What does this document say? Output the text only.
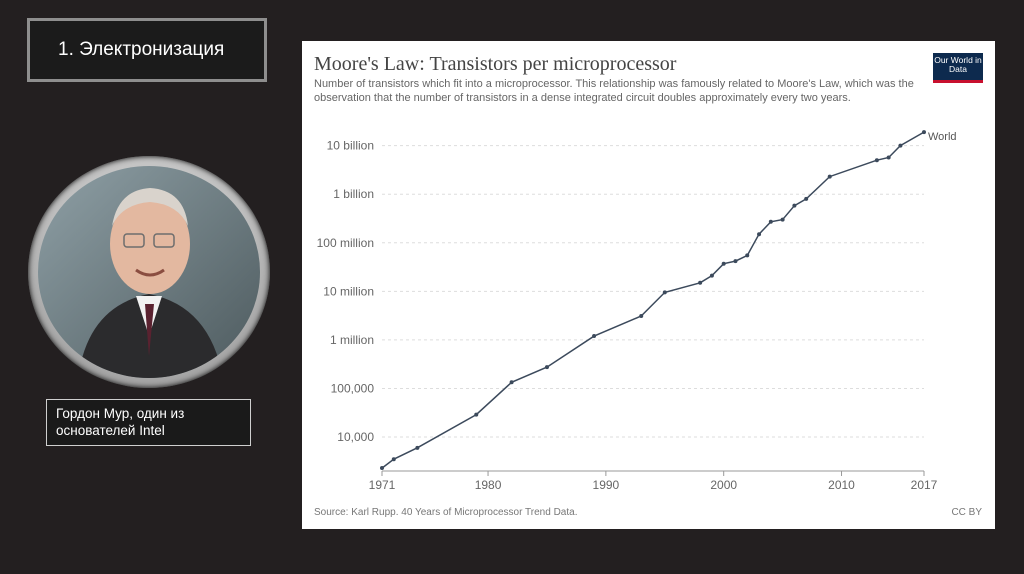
1. Электронизация
Гордон Мур, один из основателей Intel
Moore's Law: Transistors per microprocessor
Number of transistors which fit into a microprocessor. This relationship was famously related to Moore's Law, which was the observation that the number of transistors in a dense integrated circuit doubles approximately every two years.
Our World in Data
10,000
100,000
1 million
10 million
100 million
1 billion
10 billion
1971	1980	1990	2000	2010	2017
World
Source: Karl Rupp. 40 Years of Microprocessor Trend Data.	CC BY
